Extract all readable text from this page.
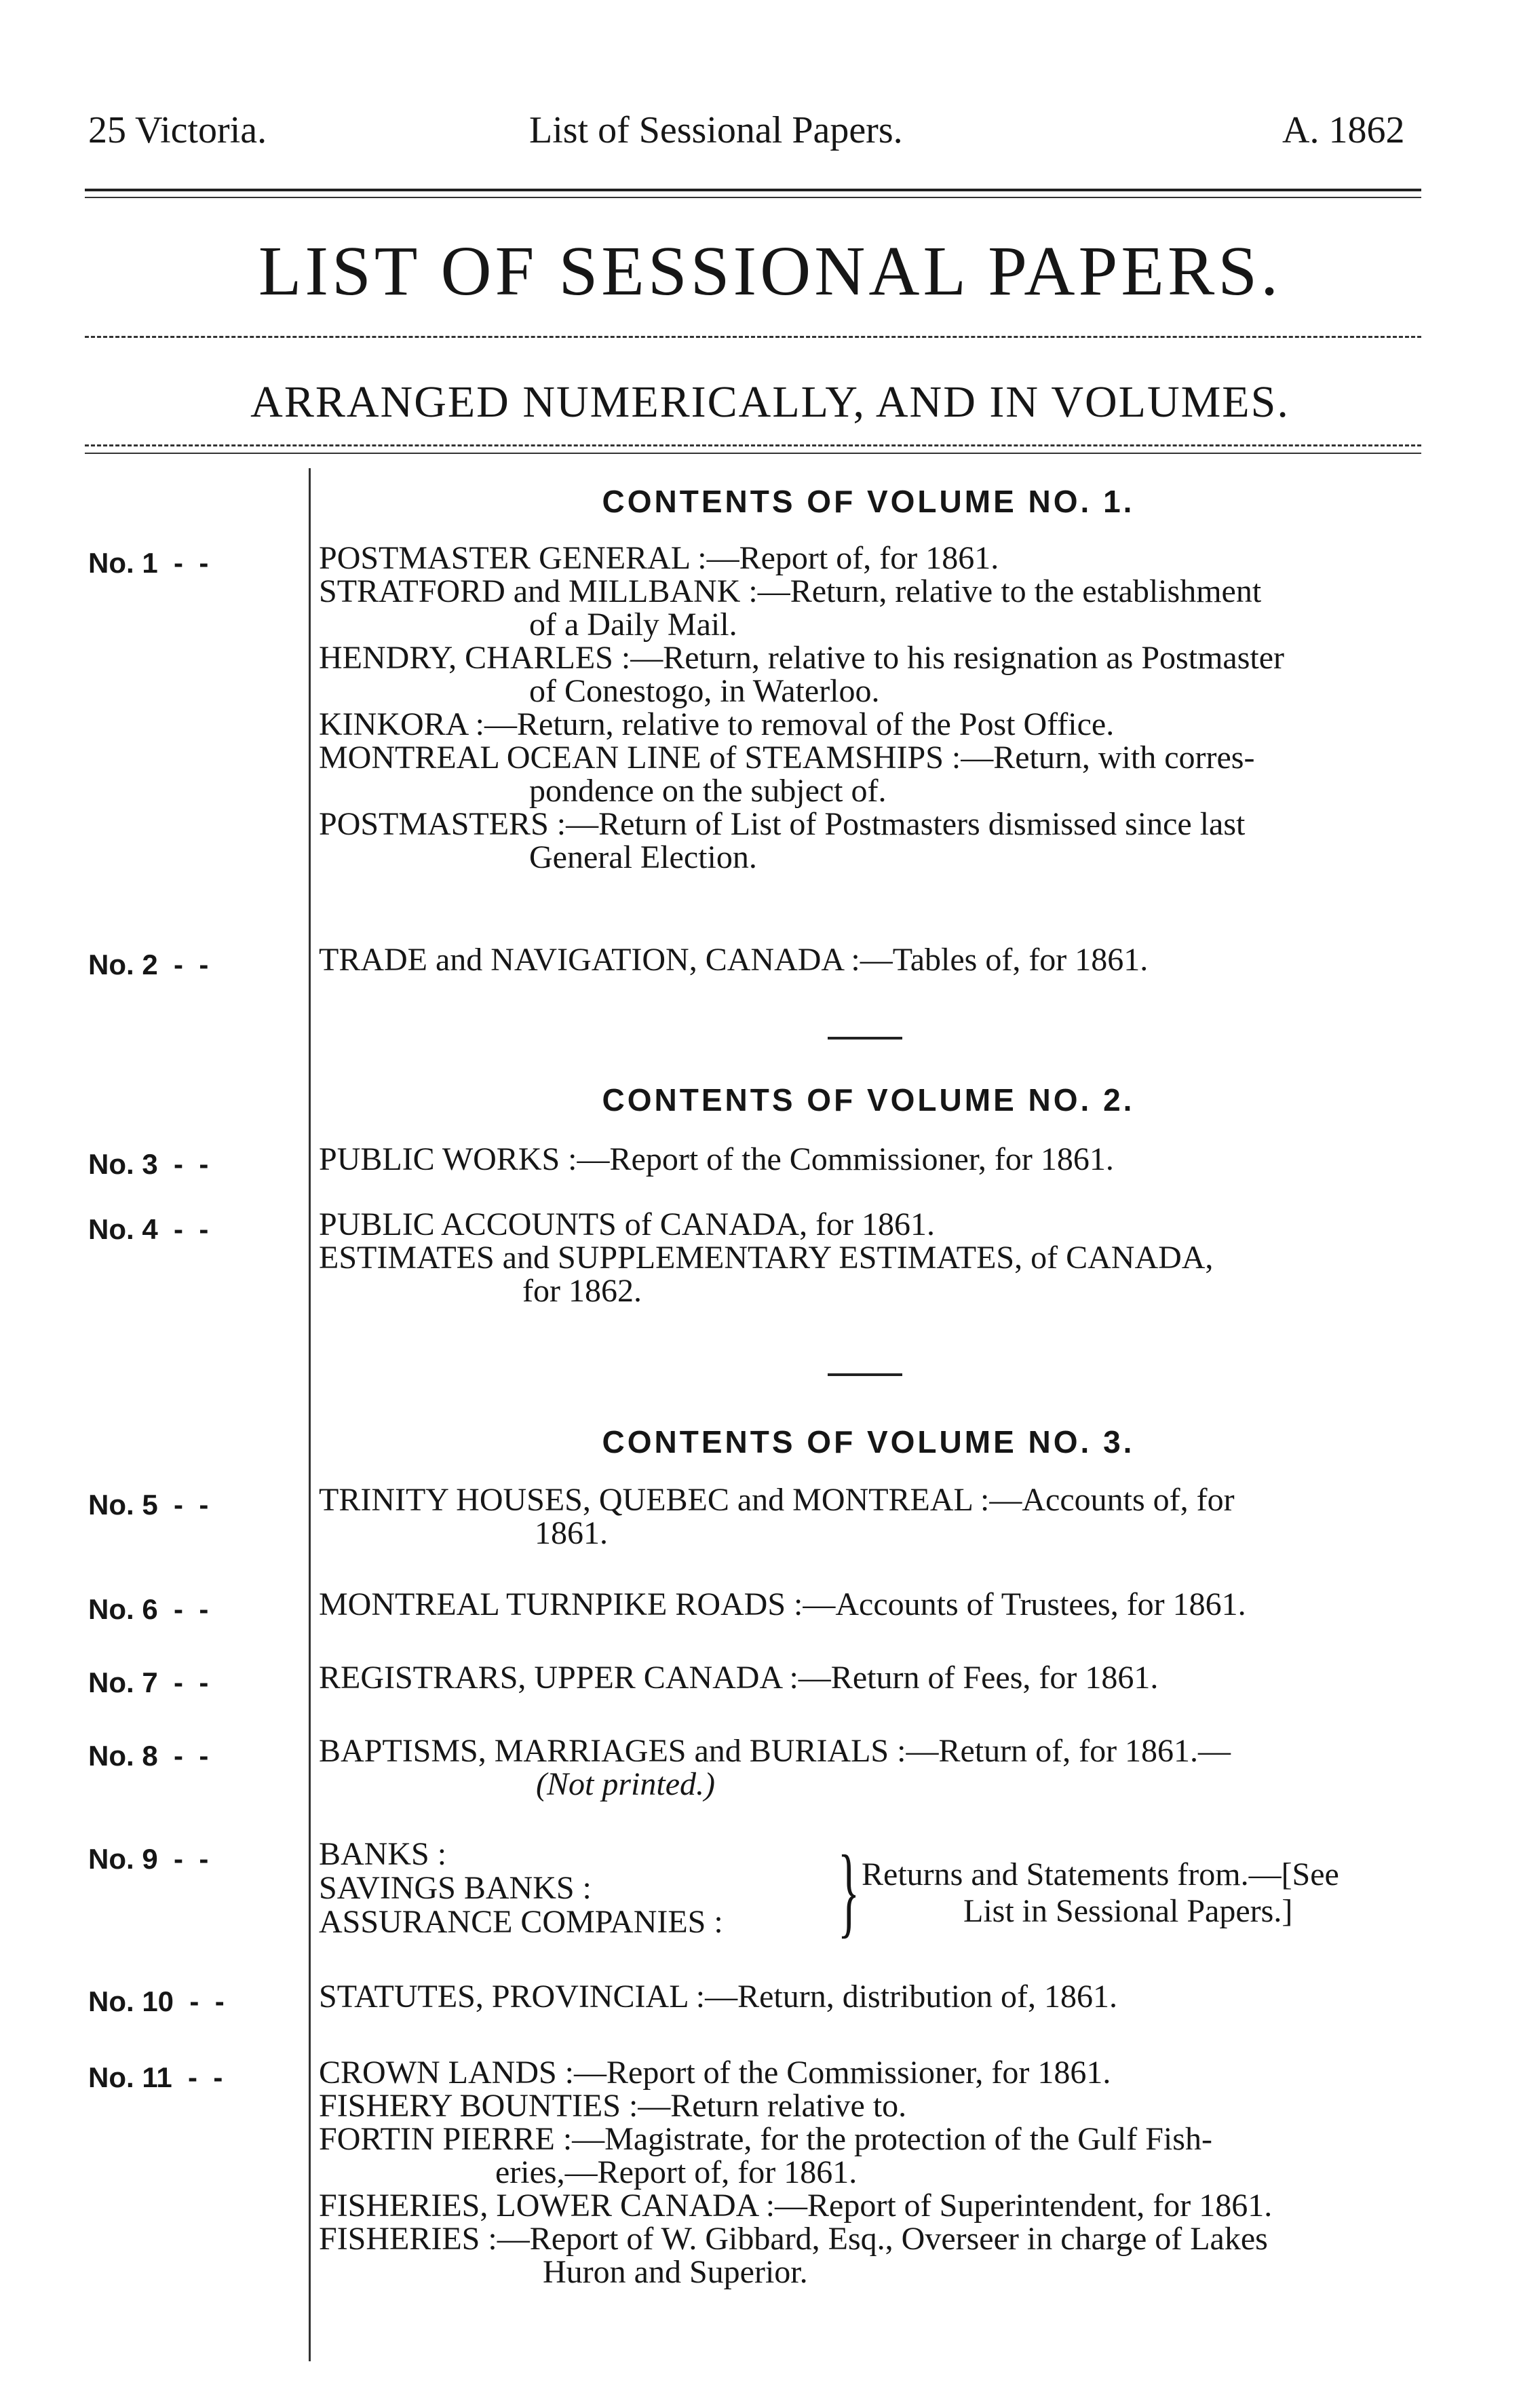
25 Victoria.	List of Sessional Papers.	A. 1862
LIST OF SESSIONAL PAPERS.
ARRANGED NUMERICALLY, AND IN VOLUMES.
CONTENTS OF VOLUME NO. 1.
No. 1  -  -	POSTMASTER GENERAL :—Report of, for 1861.

STRATFORD and MILLBANK :—Return, relative to the establishment
of a Daily Mail.

HENDRY, CHARLES :—Return, relative to his resignation as Postmaster
of Conestogo, in Waterloo.

KINKORA :—Return, relative to removal of the Post Office.

MONTREAL OCEAN LINE of STEAMSHIPS :—Return, with corres-
pondence on the subject of.

POSTMASTERS :—Return of List of Postmasters dismissed since last
General Election.

No. 2  -  -	TRADE and NAVIGATION, CANADA :—Tables of, for 1861.

CONTENTS OF VOLUME NO. 2.
No. 3  -  -	PUBLIC WORKS :—Report of the Commissioner, for 1861.

No. 4  -  -	PUBLIC ACCOUNTS of CANADA, for 1861.

ESTIMATES and SUPPLEMENTARY ESTIMATES, of CANADA,
for 1862.

CONTENTS OF VOLUME NO. 3.
No. 5  -  -	TRINITY HOUSES, QUEBEC and MONTREAL :—Accounts of, for
1861.

No. 6  -  -	MONTREAL TURNPIKE ROADS :—Accounts of Trustees, for 1861.

No. 7  -  -	REGISTRARS, UPPER CANADA :—Return of Fees, for 1861.

No. 8  -  -	BAPTISMS, MARRIAGES and BURIALS :—Return of, for 1861.—
(Not printed.)

No. 9  -  -	BANKS :

SAVINGS BANKS :

ASSURANCE COMPANIES : } Returns and Statements from.—[See
List in Sessional Papers.]
No. 10  -  -	STATUTES, PROVINCIAL :—Return, distribution of, 1861.

No. 11  -  -	CROWN LANDS :—Report of the Commissioner, for 1861.

FISHERY BOUNTIES :—Return relative to.

FORTIN PIERRE :—Magistrate, for the protection of the Gulf Fish-
eries,—Report of, for 1861.

FISHERIES, LOWER CANADA :—Report of Superintendent, for 1861.

FISHERIES :—Report of W. Gibbard, Esq., Overseer in charge of Lakes
Huron and Superior.
